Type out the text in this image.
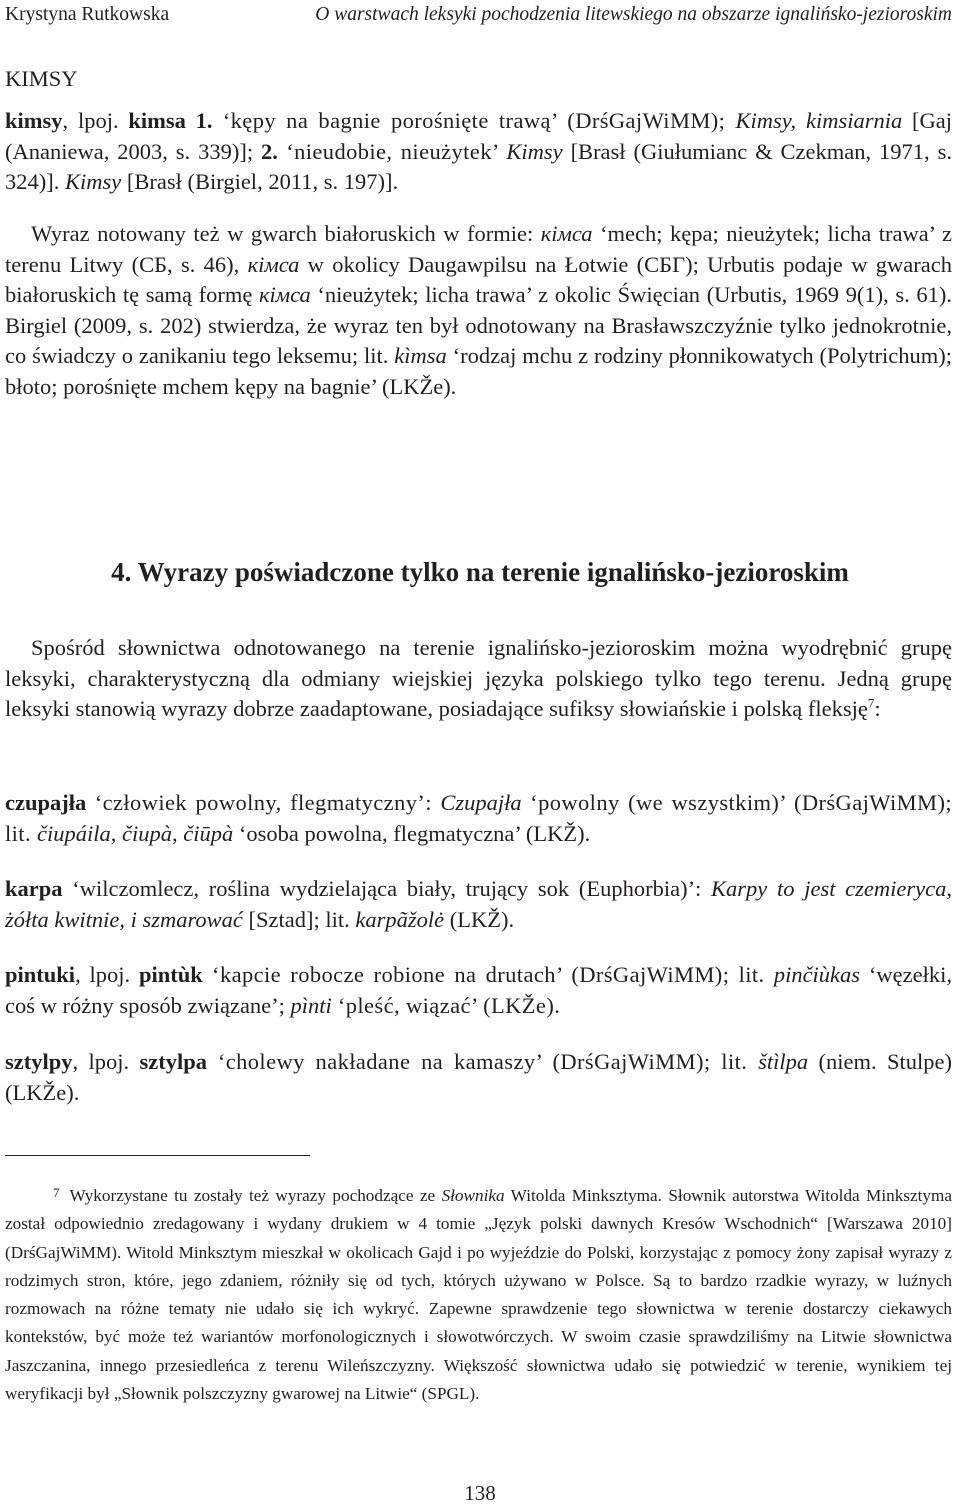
Krystyna Rutkowska	O warstwach leksyki pochodzenia litewskiego na obszarze ignalińsko-jezioroskim
KIMSY

kimsy, lpoj. kimsa 1. ‘kępy na bagnie porośnięte trawą’ (DrśGajWiMM); Kimsy, kimsiarnia [Gaj (Ananiewa, 2003, s. 339)]; 2. ‘nieudobie, nieużytek’ Kimsy [Brasł (Giułumianc & Czekman, 1971, s. 324)]. Kimsy [Brasł (Birgiel, 2011, s. 197)].

Wyraz notowany też w gwarch białoruskich w formie: кімса ‘mech; kępa; nieużytek; licha trawa’ z terenu Litwy (СБ, s. 46), кімса w okolicy Daugawpilsu na Łotwie (СБГ); Urbutis podaje w gwarach białoruskich tę samą formę кімса ‘nieużytek; licha trawa’ z okolic Święcian (Urbutis, 1969 9(1), s. 61). Birgiel (2009, s. 202) stwierdza, że wyraz ten był odnotowany na Brasławszczyźnie tylko jednokrotnie, co świadczy o zanikaniu tego leksemu; lit. kìmsa ‘rodzaj mchu z rodziny płonnikowatych (Polytrichum); błoto; porośnięte mchem kępy na bagnie’ (LKŽe).

4. Wyrazy poświadczone tylko na terenie ignalińsko-jezioroskim

Spośród słownictwa odnotowanego na terenie ignalińsko-jezioroskim można wyodrębnić grupę leksyki, charakterystyczną dla odmiany wiejskiej języka polskiego tylko tego terenu. Jedną grupę leksyki stanowią wyrazy dobrze zaadaptowane, posiadające sufiksy słowiańskie i polską fleksję$^7$:

czupajła ‘człowiek powolny, flegmatyczny’: Czupajła ‘powolny (we wszystkim)’ (DrśGajWiMM); lit. čiupáila, čiupà, čiūpà ‘osoba powolna, flegmatyczna’ (LKŽ).

karpa ‘wilczomlecz, roślina wydzielająca biały, trujący sok (Euphorbia)’: Karpy to jest czemieryca, żółta kwitnie, i szmarować [Sztad]; lit. karpãžolė (LKŽ).

pintuki, lpoj. pintùk ‘kapcie robocze robione na drutach’ (DrśGajWiMM); lit. pinčiùkas ‘węzełki, coś w różny sposób związane’; pìnti ‘pleść, wiązać’ (LKŽe).

sztylpy, lpoj. sztylpa ‘cholewy nakładane na kamaszy’ (DrśGajWiMM); lit. štìlpa (niem. Stulpe) (LKŽe).

$^7$ Wykorzystane tu zostały też wyrazy pochodzące ze Słownika Witolda Minksztyma. Słownik autorstwa Witolda Minksztyma został odpowiednio zredagowany i wydany drukiem w 4 tomie „Język polski dawnych Kresów Wschodnich“ [Warszawa 2010] (DrśGajWiMM). Witold Minksztym mieszkał w okolicach Gajd i po wyjeździe do Polski, korzystając z pomocy żony zapisał wyrazy z rodzimych stron, które, jego zdaniem, różniły się od tych, których używano w Polsce. Są to bardzo rzadkie wyrazy, w luźnych rozmowach na różne tematy nie udało się ich wykryć. Zapewne sprawdzenie tego słownictwa w terenie dostarczy ciekawych kontekstów, być może też wariantów morfonologicznych i słowotwórczych. W swoim czasie sprawdziliśmy na Litwie słownictwa Jaszczanina, innego przesiedleńca z terenu Wileńszczyzny. Większość słownictwa udało się potwiedzić w terenie, wynikiem tej weryfikacji był „Słownik polszczyzny gwarowej na Litwie“ (SPGL).

138
